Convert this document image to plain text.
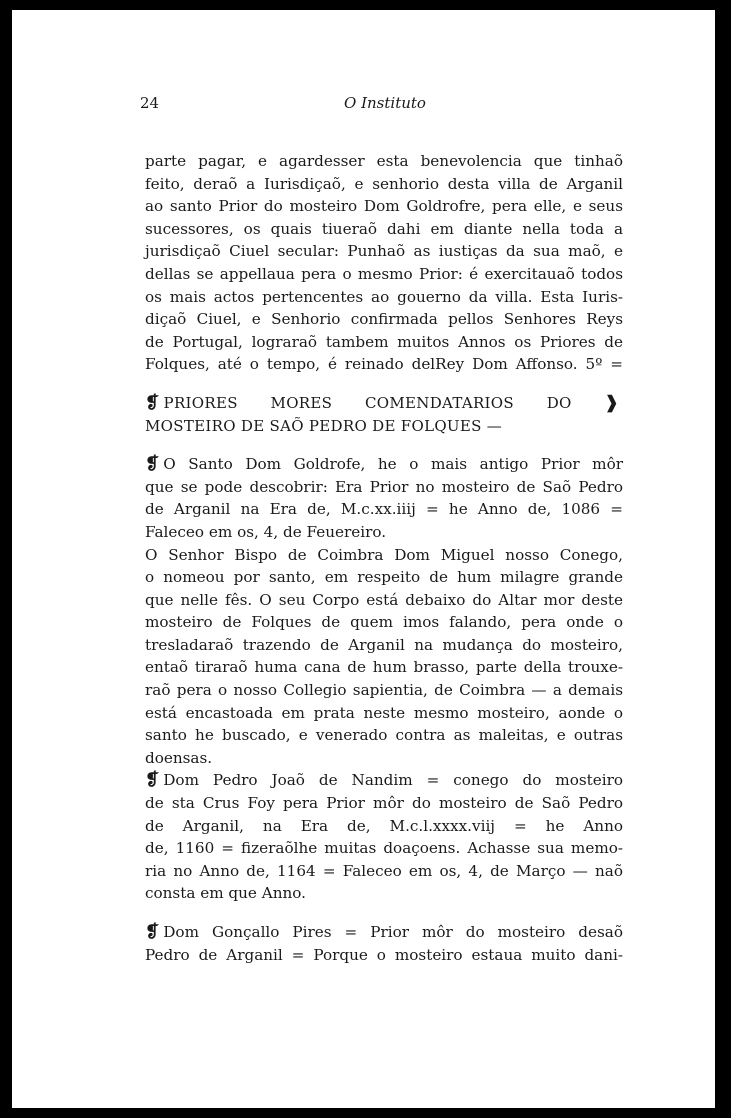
24	O Instituto
parte pagar, e agardesser esta benevolencia que tinhaõ
feito, deraõ a Iurisdiçaõ, e senhorio desta villa de Arganil
ao santo Prior do mosteiro Dom Goldrofre, pera elle, e seus
sucessores, os quais tiueraõ dahi em diante nella toda a
jurisdiçaõ Ciuel secular: Punhaõ as iustiças da sua maõ, e
dellas se appellaua pera o mesmo Prior: é exercitauaõ todos
os mais actos pertencentes ao gouerno da villa. Esta Iuris-
diçaõ Ciuel, e Senhorio confirmada pellos Senhores Reys
de Portugal, lograraõ tambem muitos Annos os Priores de
Folques, até o tempo, é reinado delRey Dom Affonso. 5º =
❡ PRIORES MORES COMENDATARIOS DO ❱
MOSTEIRO DE SAÕ PEDRO DE FOLQUES —
❡ O Santo Dom Goldrofe, he o mais antigo Prior môr
que se pode descobrir: Era Prior no mosteiro de Saõ Pedro
de Arganil na Era de, M.c.xx.iiij = he Anno de, 1086 =
Faleceo em os, 4, de Feuereiro.
O Senhor Bispo de Coimbra Dom Miguel nosso Conego,
o nomeou por santo, em respeito de hum milagre grande
que nelle fês. O seu Corpo está debaixo do Altar mor deste
mosteiro de Folques de quem imos falando, pera onde o
tresladaraõ trazendo de Arganil na mudança do mosteiro,
entaõ tiraraõ huma cana de hum brasso, parte della trouxe-
raõ pera o nosso Collegio sapientia, de Coimbra — a demais
está encastoada em prata neste mesmo mosteiro, aonde o
santo he buscado, e venerado contra as maleitas, e outras
doensas.
❡ Dom Pedro Joaõ de Nandim = conego do mosteiro
de sta Crus Foy pera Prior môr do mosteiro de Saõ Pedro
de Arganil, na Era de, M.c.l.xxxx.viij = he Anno
de, 1160 = fizeraõlhe muitas doaçoens. Achasse sua memo-
ria no Anno de, 1164 = Faleceo em os, 4, de Março — naõ
consta em que Anno.
❡ Dom Gonçallo Pires = Prior môr do mosteiro desaõ
Pedro de Arganil = Porque o mosteiro estaua muito dani-
